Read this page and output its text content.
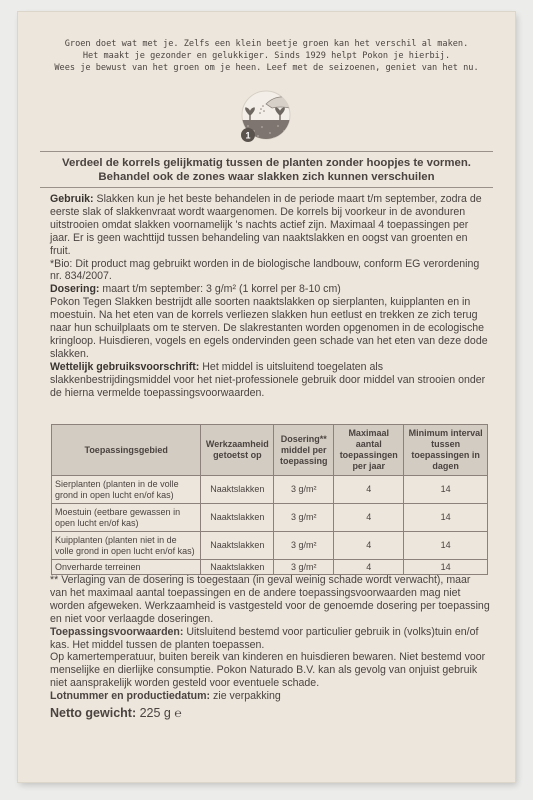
Groen doet wat met je. Zelfs een klein beetje groen kan het verschil al maken.
Het maakt je gezonder en gelukkiger. Sinds 1929 helpt Pokon je hierbij.
Wees je bewust van het groen om je heen. Leef met de seizoenen, geniet van het nu.
1
Verdeel de korrels gelijkmatig tussen de planten zonder hoopjes te vormen. Behandel ook de zones waar slakken zich kunnen verschuilen

Gebruik: Slakken kun je het beste behandelen in de periode maart t/m september, zodra de eerste slak of slakkenvraat wordt waargenomen. De korrels bij voorkeur in de avonduren uitstrooien omdat slakken voornamelijk 's nachts actief zijn. Maximaal 4 toepassingen per jaar. Er is geen wachttijd tussen behandeling van naaktslakken en oogst van groenten en fruit.

*Bio: Dit product mag gebruikt worden in de biologische landbouw, conform EG verordening nr. 834/2007.

Dosering: maart t/m september: 3 g/m² (1 korrel per 8-10 cm)

Pokon Tegen Slakken bestrijdt alle soorten naaktslakken op sierplanten, kuipplanten en in moestuin. Na het eten van de korrels verliezen slakken hun eetlust en trekken ze zich terug naar hun schuilplaats om te sterven. De slakrestanten worden opgenomen in de ecologische kringloop. Huisdieren, vogels en egels ondervinden geen schade van het eten van deze dode slakken.

Wettelijk gebruiksvoorschrift: Het middel is uitsluitend toegelaten als slakkenbestrijdingsmiddel voor het niet-professionele gebruik door middel van strooien onder de hierna vermelde toepassingsvoorwaarden.

Toepassingsgebied	Werkzaamheid getoetst op	Dosering** middel per toepassing	Maximaal aantal toepassingen per jaar	Minimum interval tussen toepassingen in dagen
Sierplanten (planten in de volle grond in open lucht en/of kas)	Naaktslakken	3 g/m²	4	14
Moestuin (eetbare gewassen in open lucht en/of kas)	Naaktslakken	3 g/m²	4	14
Kuipplanten (planten niet in de volle grond in open lucht en/of kas)	Naaktslakken	3 g/m²	4	14
Onverharde terreinen	Naaktslakken	3 g/m²	4	14

** Verlaging van de dosering is toegestaan (in geval weinig schade wordt verwacht), maar van het maximaal aantal toepassingen en de andere toepassingsvoorwaarden mag niet worden afgeweken. Werkzaamheid is vastgesteld voor de genoemde dosering per toepassing en niet voor verlaagde doseringen.

Toepassingsvoorwaarden: Uitsluitend bestemd voor particulier gebruik in (volks)tuin en/of kas. Het middel tussen de planten toepassen.

Op kamertemperatuur, buiten bereik van kinderen en huisdieren bewaren. Niet bestemd voor menselijke en dierlijke consumptie. Pokon Naturado B.V. kan als gevolg van onjuist gebruik niet aansprakelijk worden gesteld voor eventuele schade.

Lotnummer en productiedatum: zie verpakking

Netto gewicht: 225 g ℮
